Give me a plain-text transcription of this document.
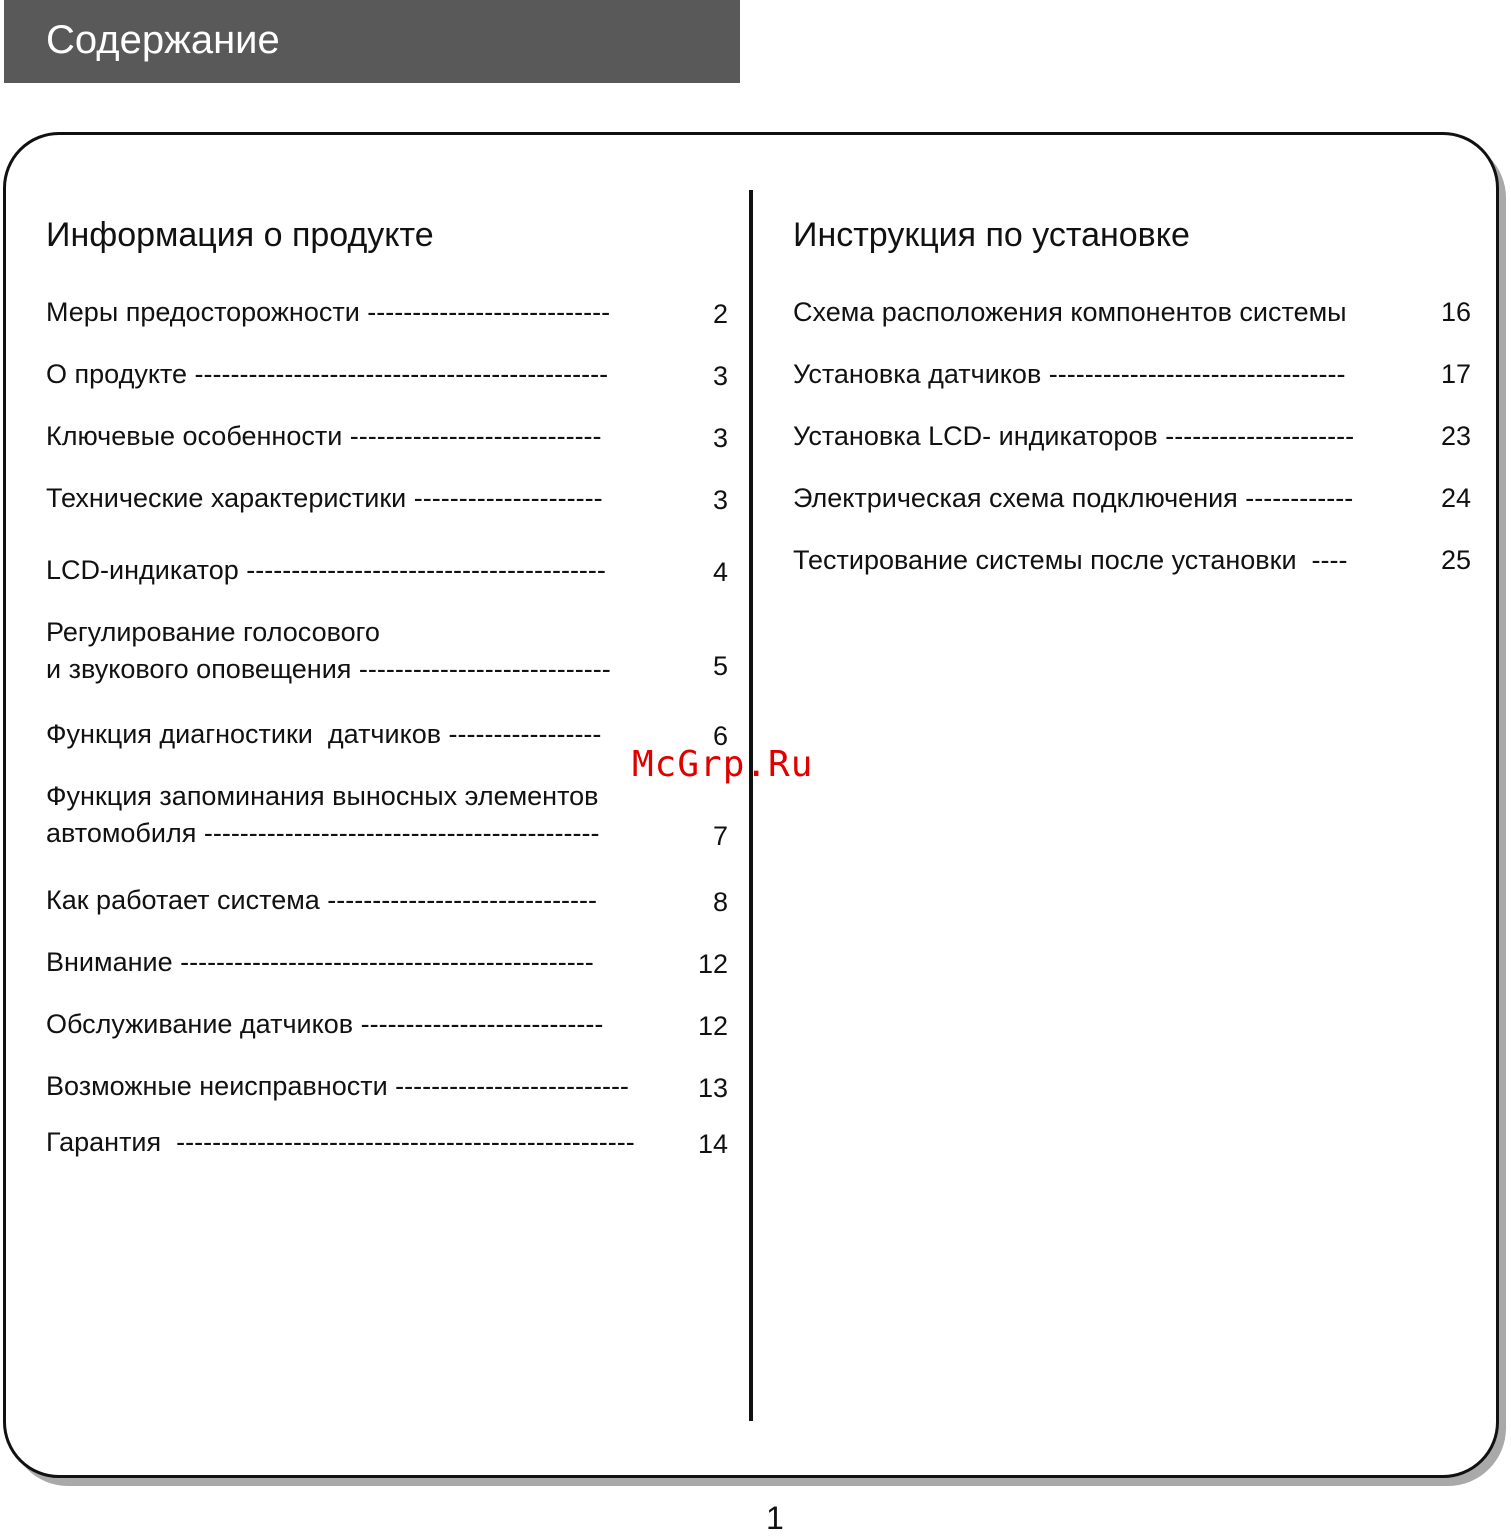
Содержание
Информация о продукте	Инструкция по установке
Меры предосторожности ---------------------------	2
О продукте ----------------------------------------------	3
Ключевые особенности ----------------------------	3
Технические характеристики ---------------------	3
LCD-индикатор ----------------------------------------	4
Регулирование голосового
и звукового оповещения ----------------------------	5
Функция диагностики  датчиков -----------------	6
Функция запоминания выносных элементов
автомобиля --------------------------------------------	7
Как работает система ------------------------------	8
Внимание ----------------------------------------------	12
Обслуживание датчиков ---------------------------	12
Возможные неисправности --------------------------	13
Гарантия  ---------------------------------------------------	14
Схема расположения компонентов системы	16
Установка датчиков ---------------------------------	17
Установка LCD- индикаторов ---------------------	23
Электрическая схема подключения ------------	24
Тестирование системы после установки  ----	25
McGrp.Ru
1
